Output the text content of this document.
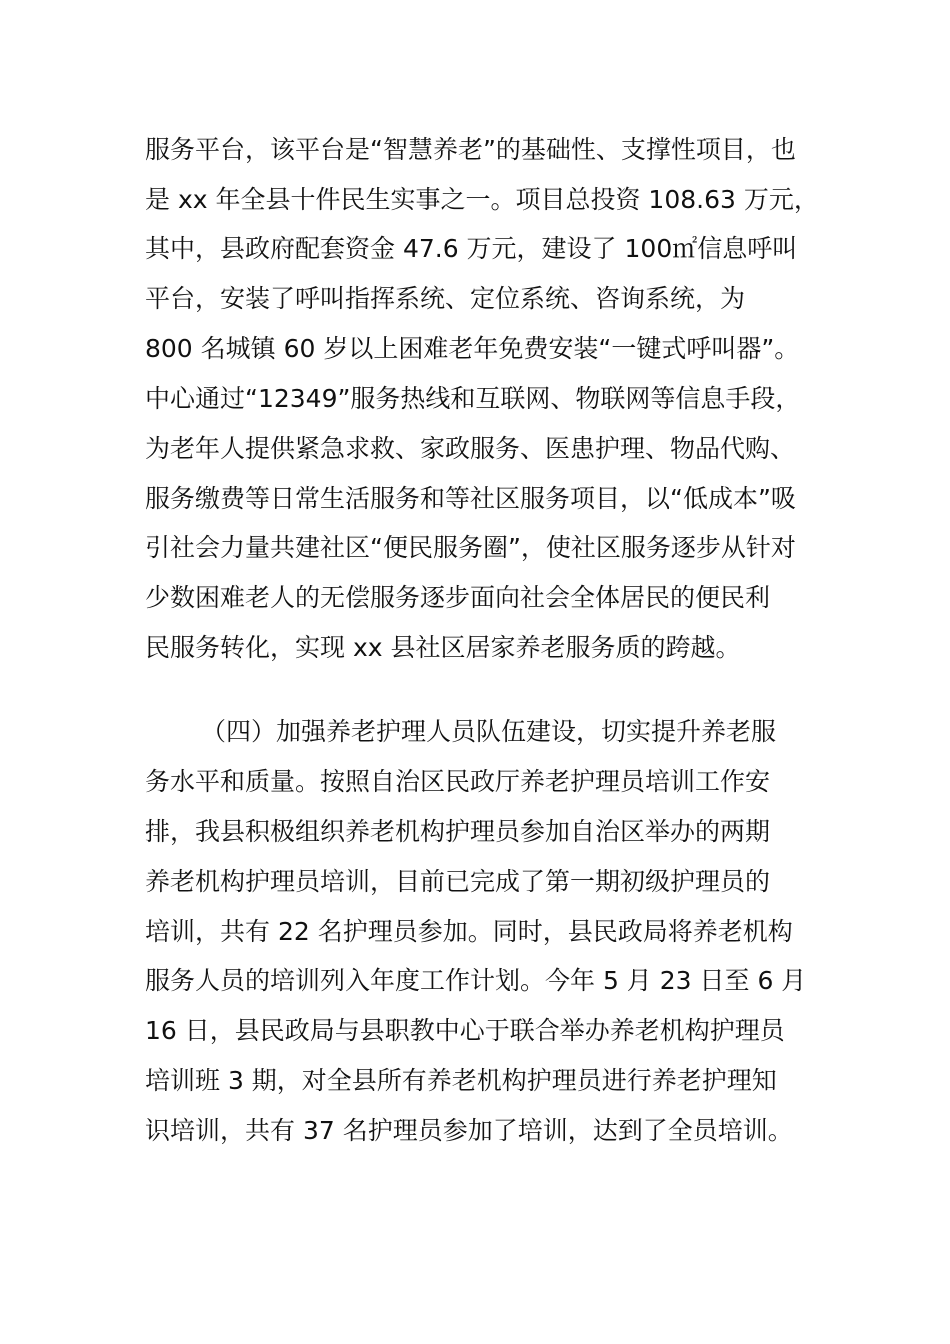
服务平台，该平台是“智慧养老”的基础性、支撑性项目，也
是 xx 年全县十件民生实事之一。项目总投资 108.63 万元，
其中，县政府配套资金 47.6 万元，建设了 100㎡信息呼叫
平台，安装了呼叫指挥系统、定位系统、咨询系统，为
800 名城镇 60 岁以上困难老年免费安装“一键式呼叫器”。
中心通过“12349”服务热线和互联网、物联网等信息手段，
为老年人提供紧急求救、家政服务、医患护理、物品代购、
服务缴费等日常生活服务和等社区服务项目，以“低成本”吸
引社会力量共建社区“便民服务圈”，使社区服务逐步从针对
少数困难老人的无偿服务逐步面向社会全体居民的便民利
民服务转化，实现 xx 县社区居家养老服务质的跨越。
（四）加强养老护理人员队伍建设，切实提升养老服
务水平和质量。按照自治区民政厅养老护理员培训工作安
排，我县积极组织养老机构护理员参加自治区举办的两期
养老机构护理员培训，目前已完成了第一期初级护理员的
培训，共有 22 名护理员参加。同时，县民政局将养老机构
服务人员的培训列入年度工作计划。今年 5 月 23 日至 6 月
16 日，县民政局与县职教中心于联合举办养老机构护理员
培训班 3 期，对全县所有养老机构护理员进行养老护理知
识培训，共有 37 名护理员参加了培训，达到了全员培训。
